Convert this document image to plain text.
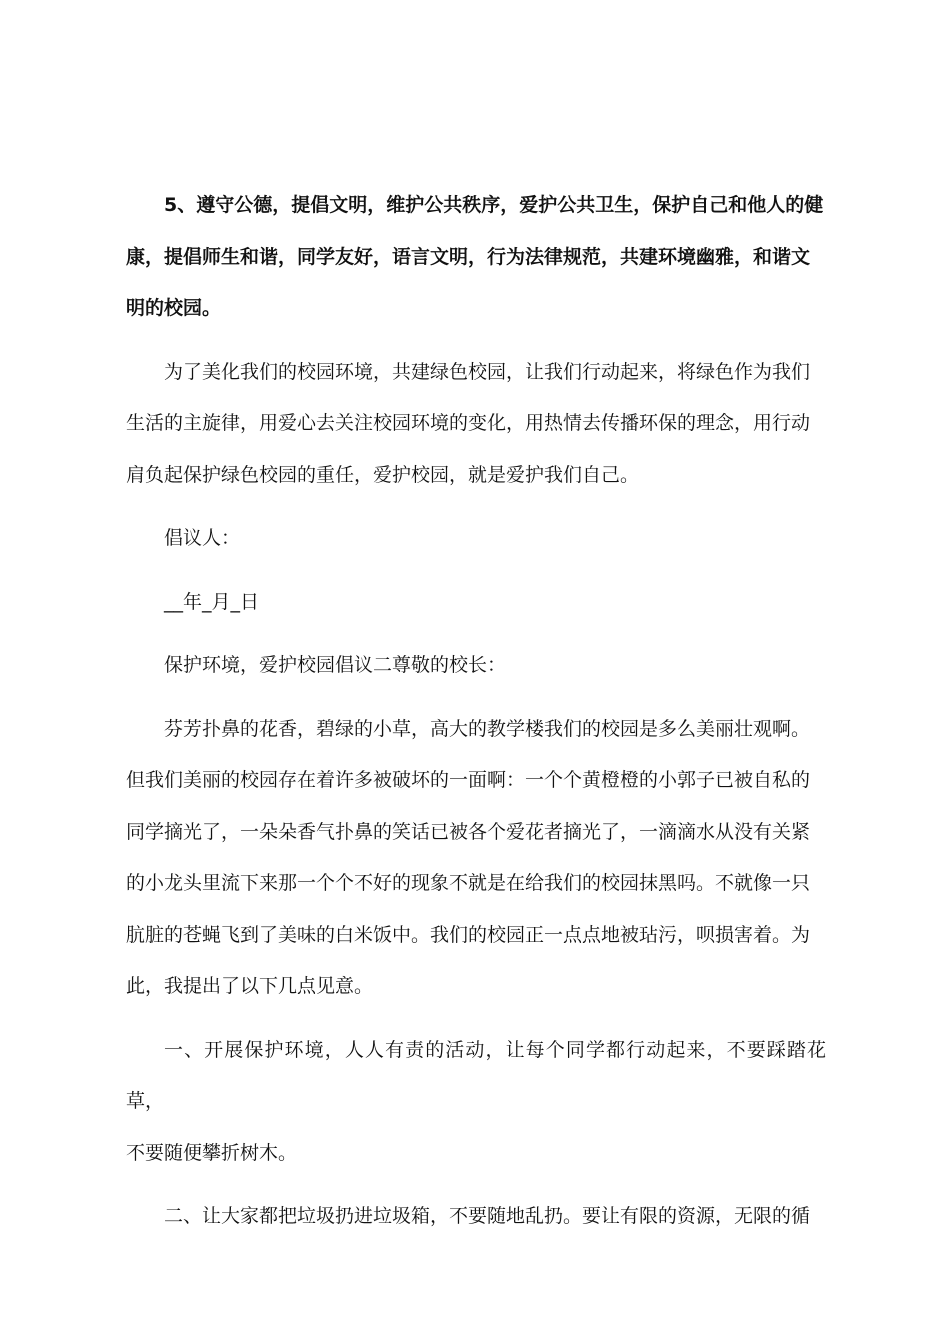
5、遵守公德，提倡文明，维护公共秩序，爱护公共卫生，保护自己和他人的健
康，提倡师生和谐，同学友好，语言文明，行为法律规范，共建环境幽雅，和谐文
明的校园。

为了美化我们的校园环境，共建绿色校园，让我们行动起来，将绿色作为我们
生活的主旋律，用爱心去关注校园环境的变化，用热情去传播环保的理念，用行动
肩负起保护绿色校园的重任，爱护校园，就是爱护我们自己。

倡议人：

__年_月_日

保护环境，爱护校园倡议二尊敬的校长：

芬芳扑鼻的花香，碧绿的小草，高大的教学楼我们的校园是多么美丽壮观啊。
但我们美丽的校园存在着许多被破坏的一面啊：一个个黄橙橙的小郭子已被自私的
同学摘光了，一朵朵香气扑鼻的笑话已被各个爱花者摘光了，一滴滴水从没有关紧
的小龙头里流下来那一个个不好的现象不就是在给我们的校园抹黑吗。不就像一只
肮脏的苍蝇飞到了美味的白米饭中。我们的校园正一点点地被玷污，呗损害着。为
此，我提出了以下几点见意。

一、开展保护环境，人人有责的活动，让每个同学都行动起来，不要踩踏花草，
不要随便攀折树木。

二、让大家都把垃圾扔进垃圾箱，不要随地乱扔。要让有限的资源，无限的循
